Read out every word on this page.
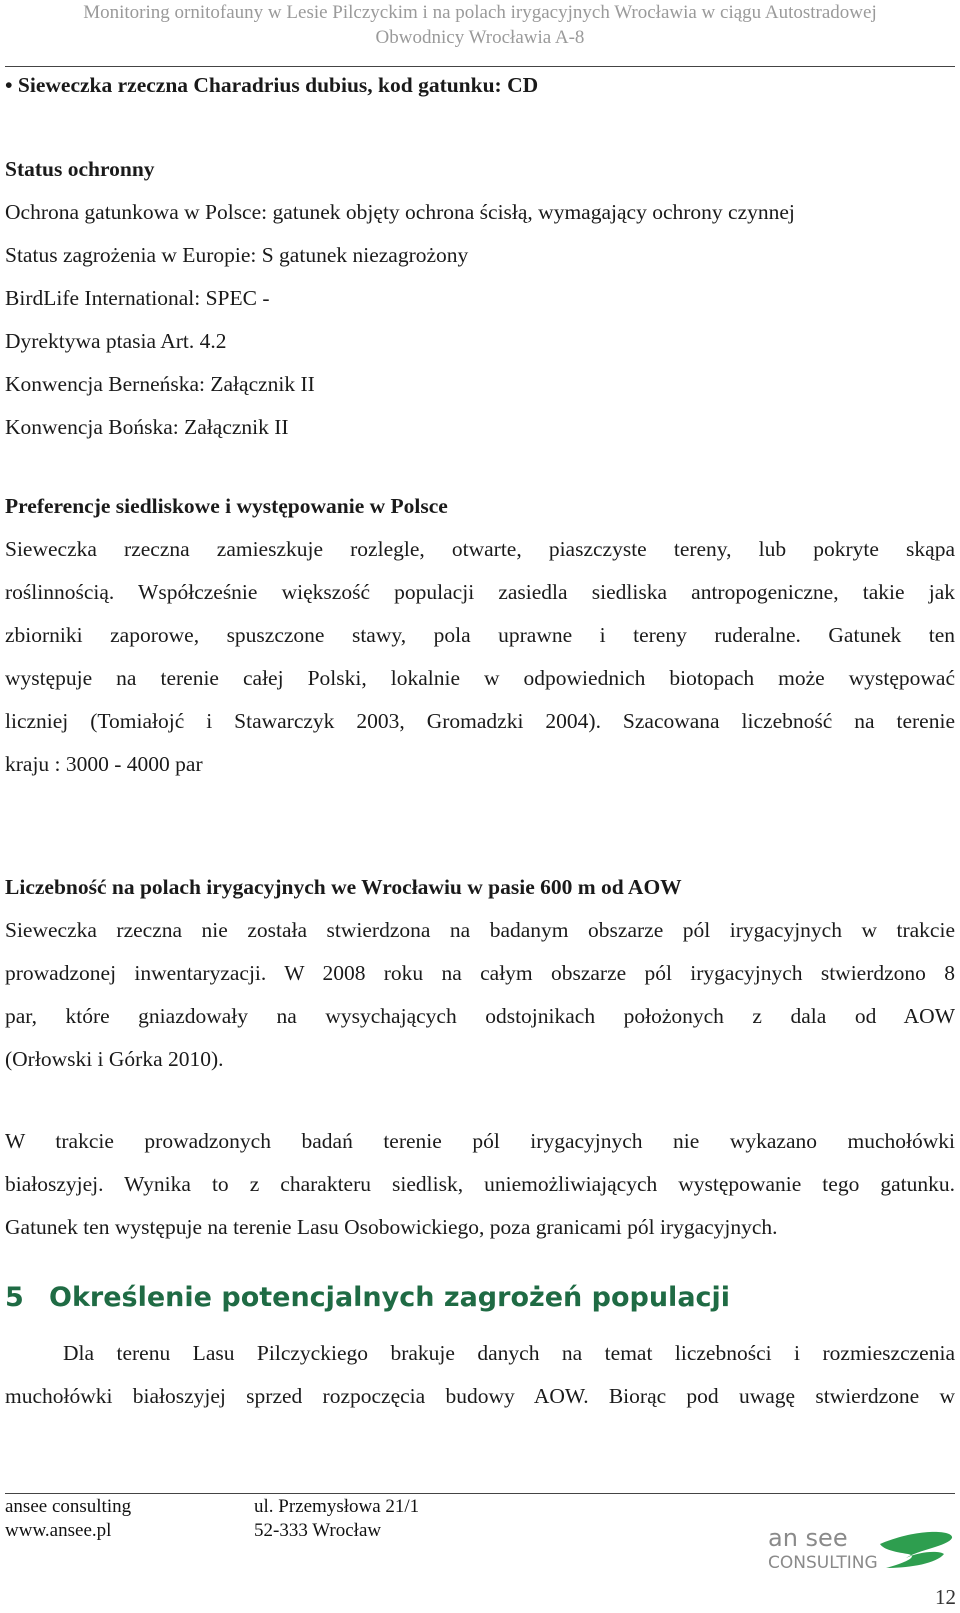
Monitoring ornitofauny w Lesie Pilczyckim i na polach irygacyjnych Wrocławia w ciągu Autostradowej
Obwodnicy Wrocławia A-8
• Sieweczka rzeczna Charadrius dubius, kod gatunku: CD
Status ochronny
Ochrona gatunkowa w Polsce: gatunek objęty ochrona ścisłą, wymagający ochrony czynnej
Status zagrożenia w Europie: S gatunek niezagrożony
BirdLife International: SPEC -
Dyrektywa ptasia Art. 4.2
Konwencja Berneńska: Załącznik II
Konwencja Bońska: Załącznik II
Preferencje siedliskowe i występowanie w Polsce
Sieweczka rzeczna zamieszkuje rozlegle, otwarte, piaszczyste tereny, lub pokryte skąpa
roślinnością. Współcześnie większość populacji zasiedla siedliska antropogeniczne, takie jak
zbiorniki zaporowe, spuszczone stawy, pola uprawne i tereny ruderalne. Gatunek ten
występuje na terenie całej Polski, lokalnie w odpowiednich biotopach może występować
liczniej (Tomiałojć i Stawarczyk 2003, Gromadzki 2004). Szacowana liczebność na terenie
kraju : 3000 - 4000 par
Liczebność na polach irygacyjnych we Wrocławiu w pasie 600 m od AOW
Sieweczka rzeczna nie została stwierdzona na badanym obszarze pól irygacyjnych w trakcie
prowadzonej inwentaryzacji. W 2008 roku na całym obszarze pól irygacyjnych stwierdzono 8
par, które gniazdowały na wysychających odstojnikach położonych z dala od AOW
(Orłowski i Górka 2010).
W trakcie prowadzonych badań terenie pól irygacyjnych nie wykazano muchołówki
białoszyjej. Wynika to z charakteru siedlisk, uniemożliwiających występowanie tego gatunku.
Gatunek ten występuje na terenie Lasu Osobowickiego, poza granicami pól irygacyjnych.
5 Określenie potencjalnych zagrożeń populacji
Dla terenu Lasu Pilczyckiego brakuje danych na temat liczebności i rozmieszczenia
muchołówki białoszyjej sprzed rozpoczęcia budowy AOW. Biorąc pod uwagę stwierdzone w
ansee consulting
www.ansee.pl
ul. Przemysłowa 21/1
52-333 Wrocław	an see
CONSULTING
12
